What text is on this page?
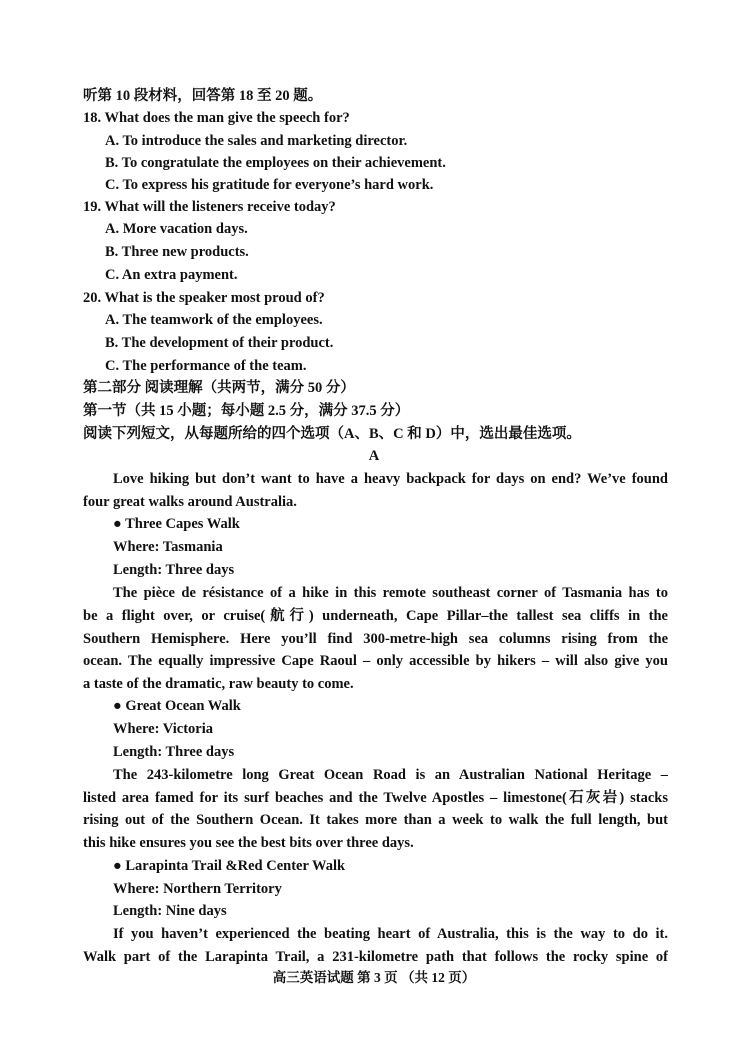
听第 10 段材料，回答第 18 至 20 题。
18. What does the man give the speech for?
A. To introduce the sales and marketing director.
B. To congratulate the employees on their achievement.
C. To express his gratitude for everyone’s hard work.
19. What will the listeners receive today?
A. More vacation days.
B. Three new products.
C. An extra payment.
20. What is the speaker most proud of?
A. The teamwork of the employees.
B. The development of their product.
C. The performance of the team.
第二部分 阅读理解（共两节，满分 50 分）
第一节（共 15 小题；每小题 2.5 分，满分 37.5 分）
阅读下列短文，从每题所给的四个选项（A、B、C 和 D）中，选出最佳选项。
A
Love hiking but don’t want to have a heavy backpack for days on end? We’ve found
four great walks around Australia.
● Three Capes Walk
Where: Tasmania
Length: Three days
The pièce de résistance of a hike in this remote southeast corner of Tasmania has to
be a flight over, or cruise(航行) underneath, Cape Pillar–the tallest sea cliffs in the
Southern Hemisphere. Here you’ll find 300-metre-high sea columns rising from the
ocean. The equally impressive Cape Raoul – only accessible by hikers – will also give you
a taste of the dramatic, raw beauty to come.
● Great Ocean Walk
Where: Victoria
Length: Three days
The 243-kilometre long Great Ocean Road is an Australian National Heritage –
listed area famed for its surf beaches and the Twelve Apostles – limestone(石灰岩) stacks
rising out of the Southern Ocean. It takes more than a week to walk the full length, but
this hike ensures you see the best bits over three days.
● Larapinta Trail &Red Center Walk
Where: Northern Territory
Length: Nine days
If you haven’t experienced the beating heart of Australia, this is the way to do it.
Walk part of the Larapinta Trail, a 231-kilometre path that follows the rocky spine of
高三英语试题 第 3 页 （共 12 页）
